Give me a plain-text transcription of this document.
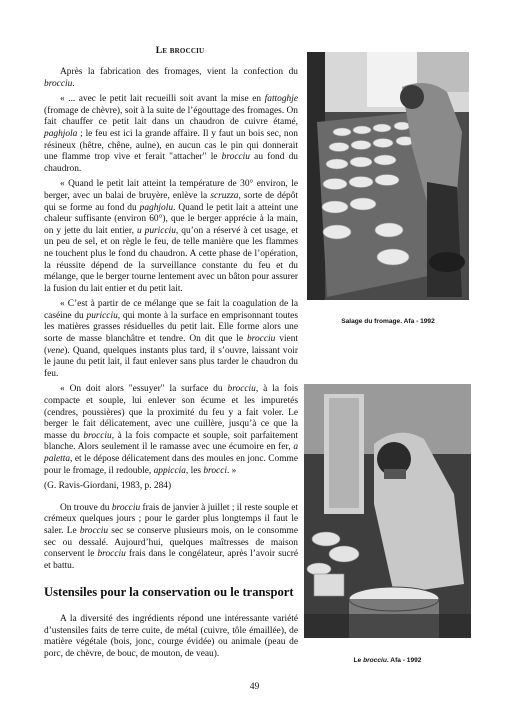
Le brocciu

Après la fabrication des fromages, vient la confection du brocciu.

« ... avec le petit lait recueilli soit avant la mise en fattoghje (fromage de chèvre), soit à la suite de l’égouttage des fromages. On fait chauffer ce petit lait dans un chaudron de cuivre étamé, paghjola ; le feu est ici la grande affaire. Il y faut un bois sec, non résineux (hêtre, chêne, aulne), en aucun cas le pin qui donnerait une flamme trop vive et ferait "attacher" le brocciu au fond du chaudron.

« Quand le petit lait atteint la température de 30° environ, le berger, avec un balai de bruyère, enlève la scruzza, sorte de dépôt qui se forme au fond du paghjolu. Quand le petit lait a atteint une chaleur suffisante (environ 60°), que le berger apprécie à la main, on y jette du lait entier, u puricciu, qu’on a réservé à cet usage, et un peu de sel, et on règle le feu, de telle manière que les flammes ne touchent plus le fond du chaudron. A cette phase de l’opération, la réussite dépend de la surveillance constante du feu et du mélange, que le berger tourne lentement avec un bâton pour assurer la fusion du lait entier et du petit lait.

« C’est à partir de ce mélange que se fait la coagulation de la caséine du puricciu, qui monte à la surface en emprisonnant toutes les matières grasses résiduelles du petit lait. Elle forme alors une sorte de masse blanchâtre et tendre. On dit que le brocciu vient (vene). Quand, quelques instants plus tard, il s’ouvre, laissant voir le jaune du petit lait, il faut enlever sans plus tarder le chaudron du feu.

« On doit alors "essuyer" la surface du brocciu, à la fois compacte et souple, lui enlever son écume et les impuretés (cendres, poussières) que la proximité du feu y a fait voler. Le berger le fait délicatement, avec une cuillère, jusqu’à ce que la masse du brocciu, à la fois compacte et souple, soit parfaitement blanche. Alors seulement il le ramasse avec une écumoire en fer, a paletta, et le dépose délicatement dans des moules en jonc. Comme pour le fromage, il redouble, appiccia, les brocci. »

(G. Ravis-Giordani, 1983, p. 284)

On trouve du brocciu frais de janvier à juillet ; il reste souple et crémeux quelques jours ; pour le garder plus longtemps il faut le saler. Le brocciu sec se conserve plusieurs mois, on le consomme sec ou dessalé. Aujourd’hui, quelques maîtresses de maison conservent le brocciu frais dans le congélateur, après l’avoir sucré et battu.

Ustensiles pour la conservation ou le transport

A la diversité des ingrédients répond une intéressante variété d’ustensiles faits de terre cuite, de métal (cuivre, tôle émaillée), de matière végétale (bois, jonc, courge évidée) ou animale (peau de porc, de chèvre, de bouc, de mouton, de veau).

Salage du fromage. Afa - 1992
Le brocciu. Afa - 1992
49
